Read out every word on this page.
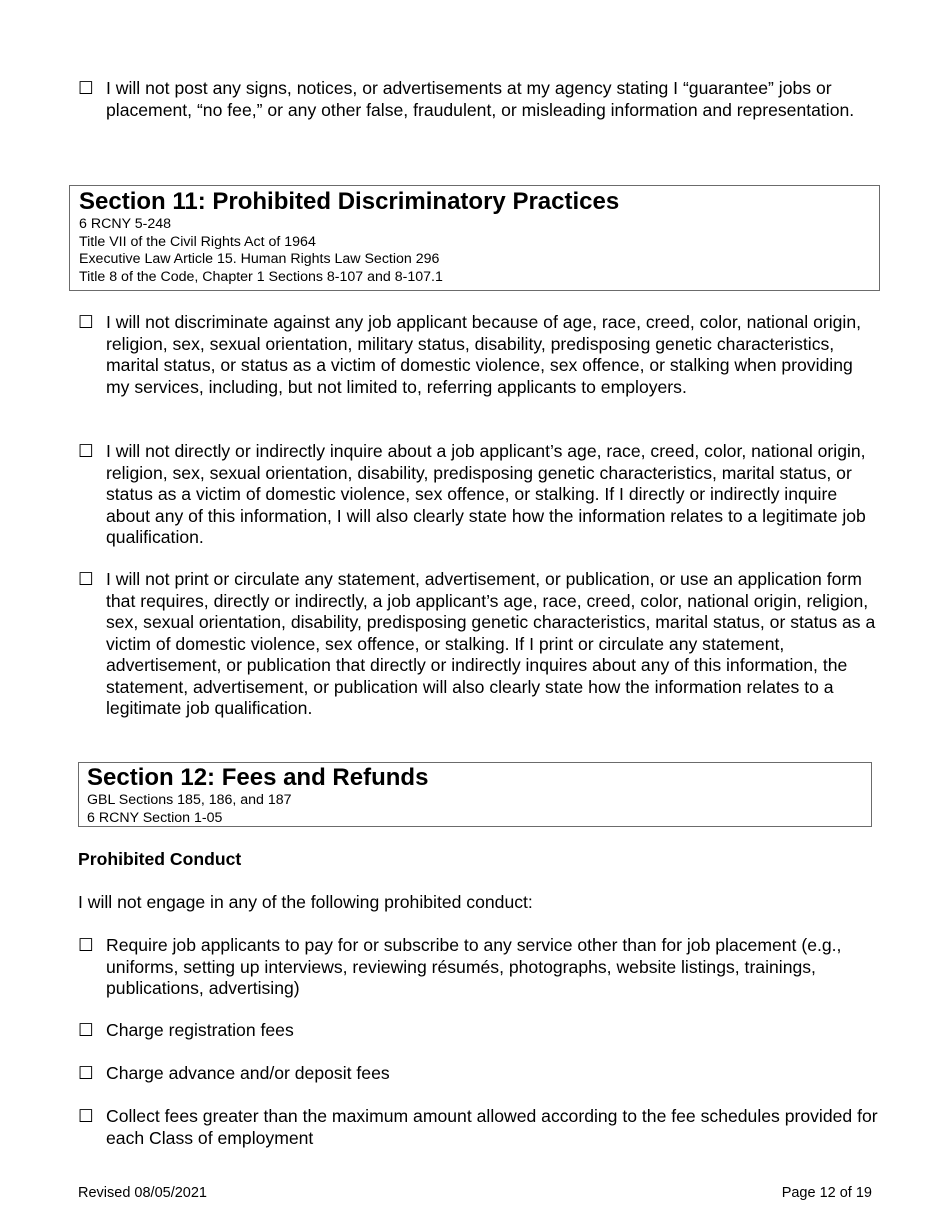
☐ I will not post any signs, notices, or advertisements at my agency stating I “guarantee” jobs or placement, “no fee,” or any other false, fraudulent, or misleading information and representation.
Section 11: Prohibited Discriminatory Practices
6 RCNY 5-248
Title VII of the Civil Rights Act of 1964
Executive Law Article 15. Human Rights Law Section 296
Title 8 of the Code, Chapter 1 Sections 8-107 and 8-107.1
☐ I will not discriminate against any job applicant because of age, race, creed, color, national origin, religion, sex, sexual orientation, military status, disability, predisposing genetic characteristics, marital status, or status as a victim of domestic violence, sex offence, or stalking when providing my services, including, but not limited to, referring applicants to employers.
☐ I will not directly or indirectly inquire about a job applicant’s age, race, creed, color, national origin, religion, sex, sexual orientation, disability, predisposing genetic characteristics, marital status, or status as a victim of domestic violence, sex offence, or stalking. If I directly or indirectly inquire about any of this information, I will also clearly state how the information relates to a legitimate job qualification.
☐ I will not print or circulate any statement, advertisement, or publication, or use an application form that requires, directly or indirectly, a job applicant’s age, race, creed, color, national origin, religion, sex, sexual orientation, disability, predisposing genetic characteristics, marital status, or status as a victim of domestic violence, sex offence, or stalking. If I print or circulate any statement, advertisement, or publication that directly or indirectly inquires about any of this information, the statement, advertisement, or publication will also clearly state how the information relates to a legitimate job qualification.
Section 12: Fees and Refunds
GBL Sections 185, 186, and 187
6 RCNY Section 1-05
Prohibited Conduct
I will not engage in any of the following prohibited conduct:
☐ Require job applicants to pay for or subscribe to any service other than for job placement (e.g., uniforms, setting up interviews, reviewing résumés, photographs, website listings, trainings, publications, advertising)
☐ Charge registration fees
☐ Charge advance and/or deposit fees
☐ Collect fees greater than the maximum amount allowed according to the fee schedules provided for each Class of employment
Revised 08/05/2021	Page 12 of 19
